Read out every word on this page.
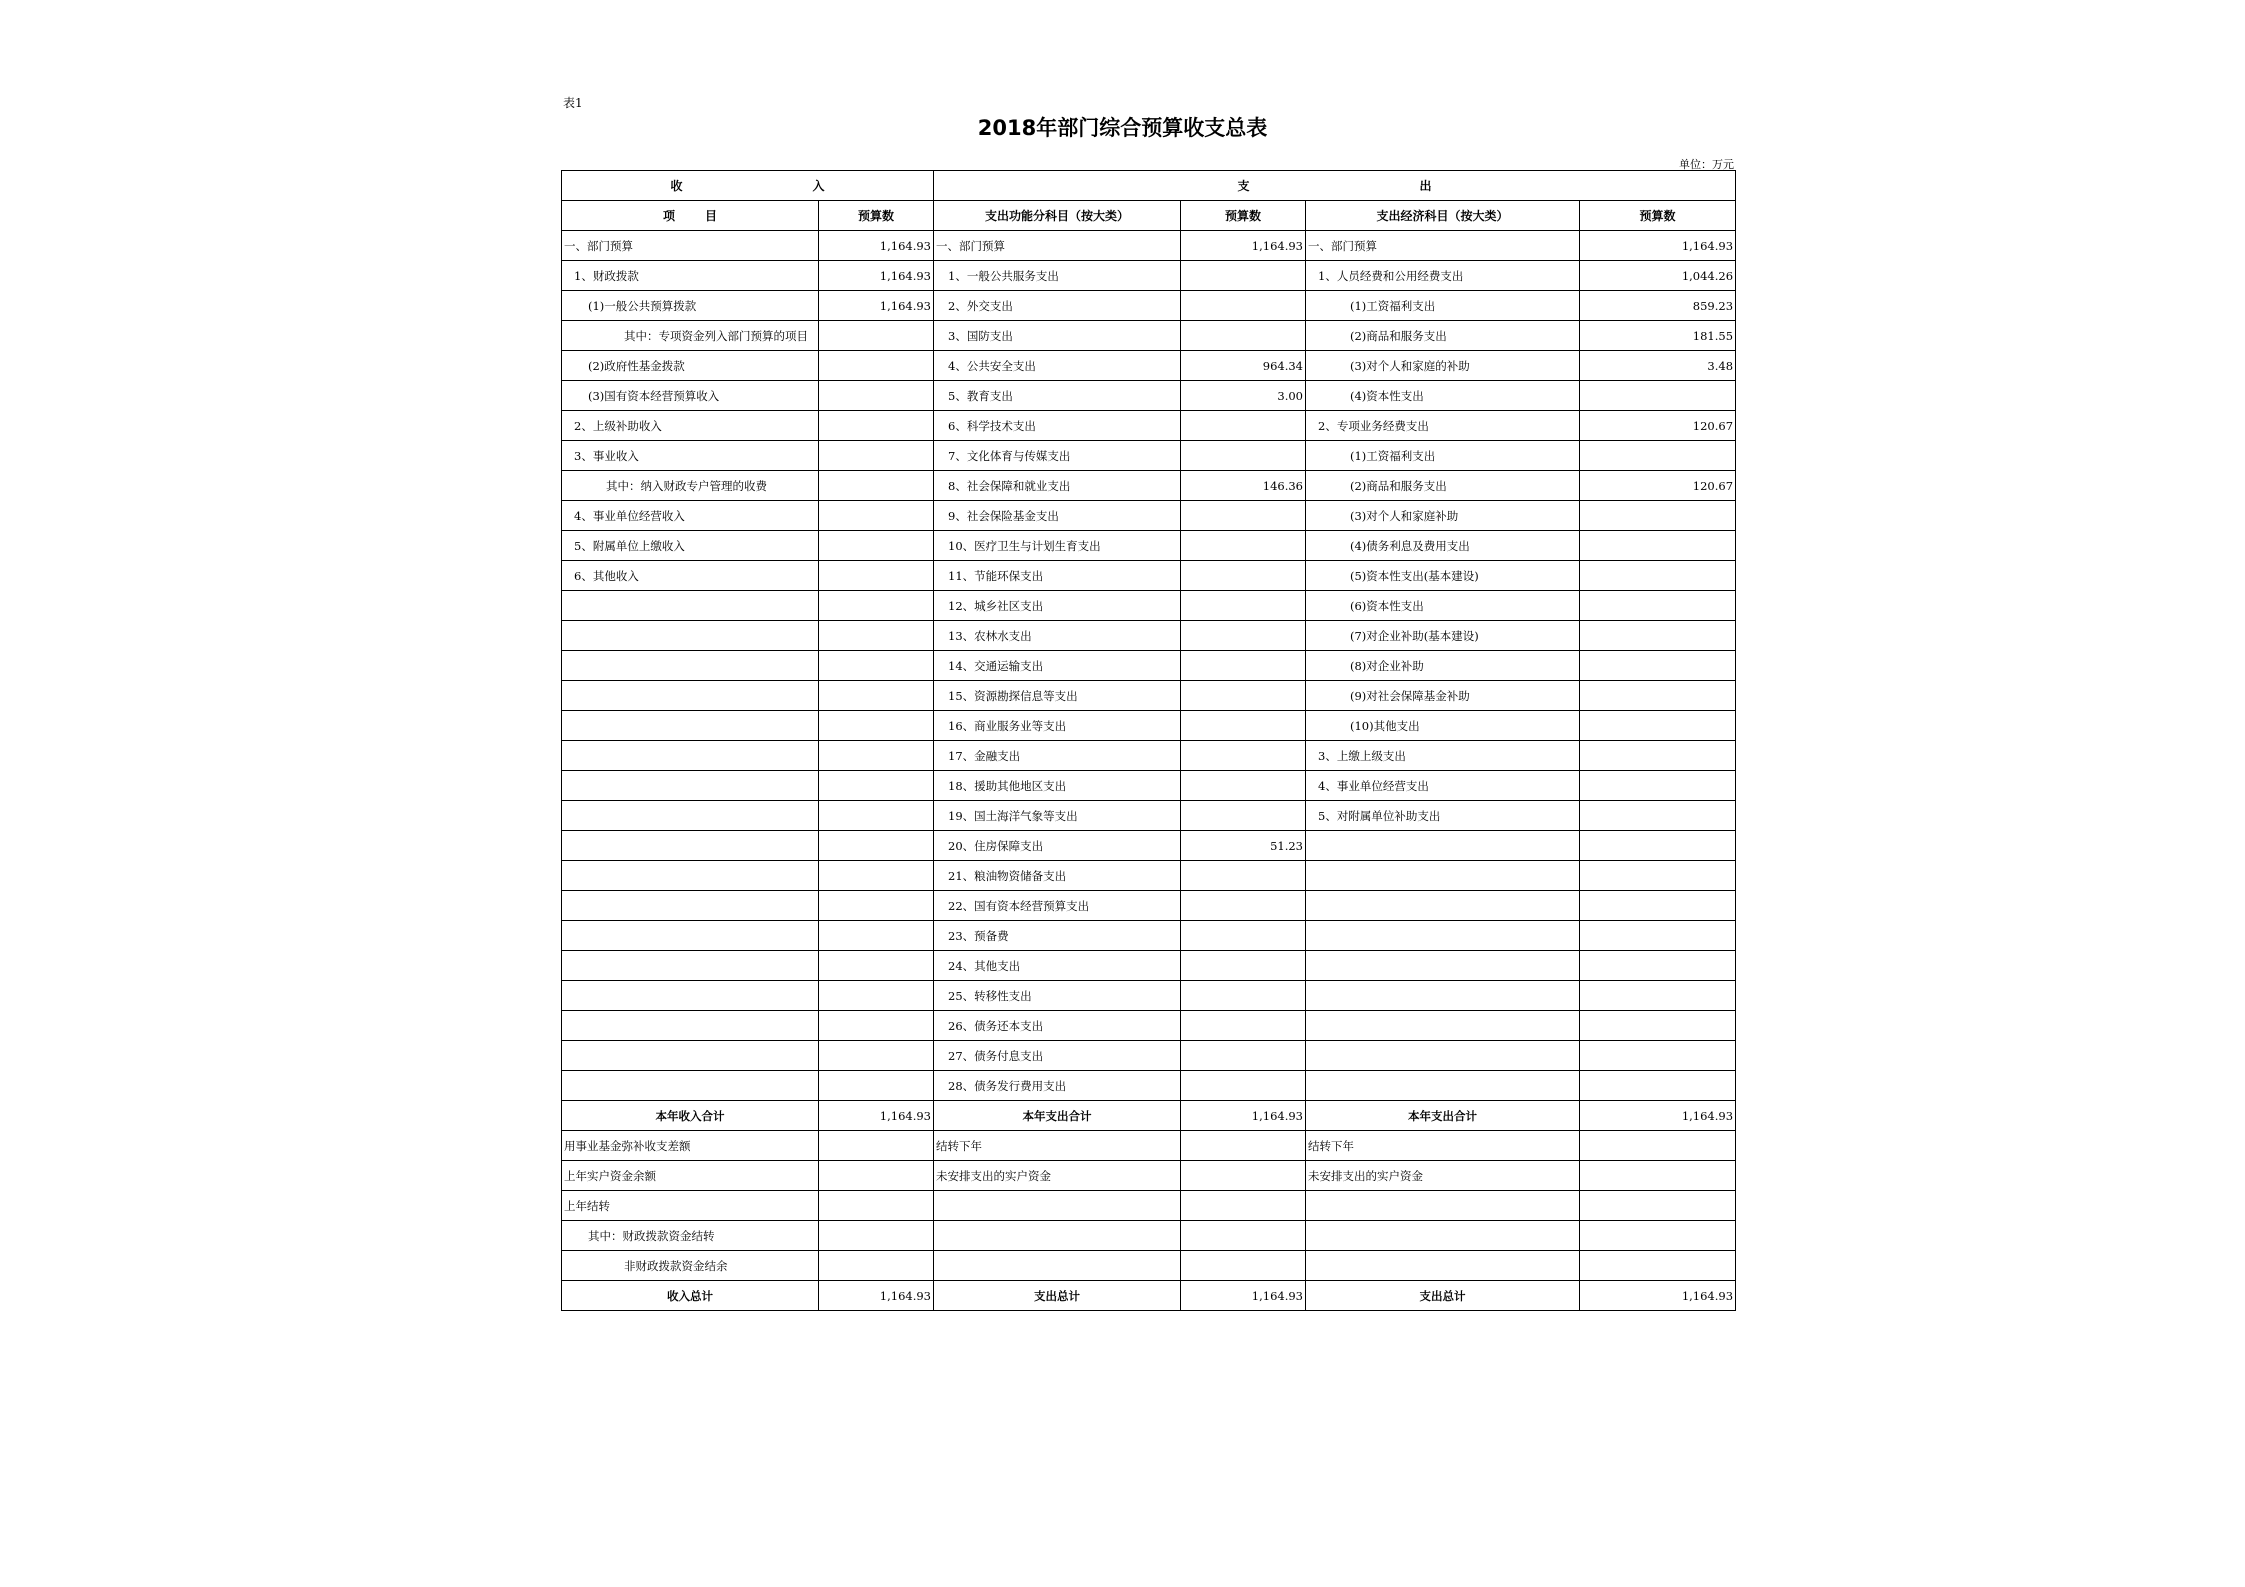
表1
2018年部门综合预算收支总表
单位：万元
收 入		支 出			
项 目	预算数	支出功能分科目（按大类）	预算数	支出经济科目（按大类）	预算数
一、部门预算	1,164.93	一、部门预算	1,164.93	一、部门预算	1,164.93
1、财政拨款	1,164.93	1、一般公共服务支出		1、人员经费和公用经费支出	1,044.26
(1)一般公共预算拨款	1,164.93	2、外交支出		(1)工资福利支出	859.23
其中：专项资金列入部门预算的项目		3、国防支出		(2)商品和服务支出	181.55
(2)政府性基金拨款		4、公共安全支出	964.34	(3)对个人和家庭的补助	3.48
(3)国有资本经营预算收入		5、教育支出	3.00	(4)资本性支出	
2、上级补助收入		6、科学技术支出		2、专项业务经费支出	120.67
3、事业收入		7、文化体育与传媒支出		(1)工资福利支出	
其中：纳入财政专户管理的收费		8、社会保障和就业支出	146.36	(2)商品和服务支出	120.67
4、事业单位经营收入		9、社会保险基金支出		(3)对个人和家庭补助	
5、附属单位上缴收入		10、医疗卫生与计划生育支出		(4)债务利息及费用支出	
6、其他收入		11、节能环保支出		(5)资本性支出(基本建设)	
		12、城乡社区支出		(6)资本性支出	
		13、农林水支出		(7)对企业补助(基本建设)	
		14、交通运输支出		(8)对企业补助	
		15、资源勘探信息等支出		(9)对社会保障基金补助	
		16、商业服务业等支出		(10)其他支出	
		17、金融支出		3、上缴上级支出	
		18、援助其他地区支出		4、事业单位经营支出	
		19、国土海洋气象等支出		5、对附属单位补助支出	
		20、住房保障支出	51.23		
		21、粮油物资储备支出			
		22、国有资本经营预算支出			
		23、预备费			
		24、其他支出			
		25、转移性支出			
		26、债务还本支出			
		27、债务付息支出			
		28、债务发行费用支出			
本年收入合计	1,164.93	本年支出合计	1,164.93	本年支出合计	1,164.93
用事业基金弥补收支差额		结转下年		结转下年	
上年实户资金余额		未安排支出的实户资金		未安排支出的实户资金	
上年结转					
其中：财政拨款资金结转					
非财政拨款资金结余					
收入总计	1,164.93	支出总计	1,164.93	支出总计	1,164.93
